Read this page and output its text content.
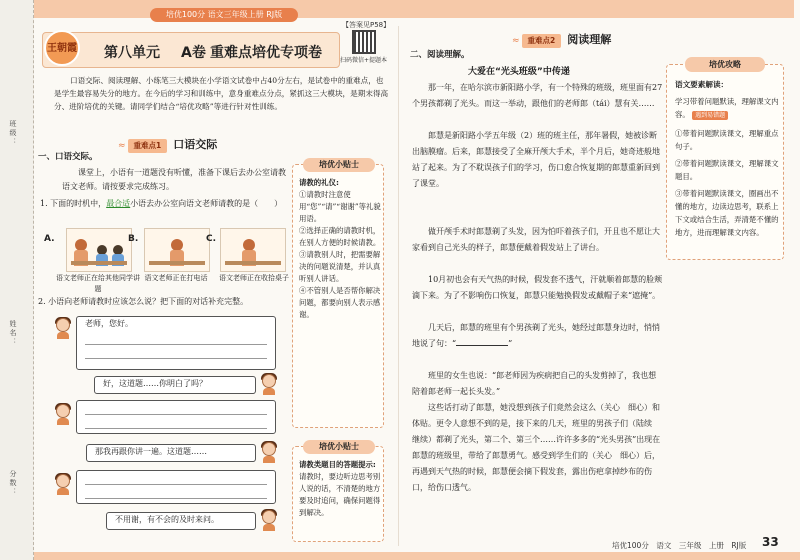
培优100分 语文三年级上册 RJ版
班级：
姓名：
分数：
王朝霞 第八单元 A卷 重难点培优专项卷
【答案见P58】
扫码微信+提题本
口语交际、阅读理解、小练笔三大模块在小学语文试卷中占40分左右，是试卷中的重难点，也是学生最容易失分的地方。在今后的学习和训练中，意身重难点分点，紧抓这三大模块，是期末得高分、进阶培优的关键。请同学们结合“培优攻略”等进行针对性训练。
≈ 重难点1 口语交际
一、口语交际。
课堂上，小语有一道题没有听懂，准备下课后去办公室请教语文老师。请按要求完成练习。
1. 下面的时机中，最合适小语去办公室向语文老师请教的是（　　）
A.
语文老师正在给其他同学讲题
B.
语文老师正在打电话
C.
语文老师正在收拾桌子
2. 小语向老师请教时应该怎么说？把下面的对话补充完整。
老师，您好。
好，这道题……你明白了吗？
那我再跟你讲一遍。这道题……
不用谢，有不会的及时来问。
培优小贴士
请教的礼仪:
①请教时注意使用“您”“请”“谢谢”等礼貌用语。
②选择正确的请教时机，在别人方便的时候请教。
③请教别人时，把需要解决的问题说清楚，并认真听别人讲话。
④不管别人是否帮你解决问题，都要向别人表示感谢。
培优小贴士
请教类题目的答题提示:
请教时，要边听边思考别人说的话，不清楚的地方要及时追问，确保问题得到解决。
≈ 重难点2 阅读理解
二、阅读理解。
大爱在“光头班级”中传递
那一年，在哈尔滨市新阳路小学，有一个特殊的班级，班里面有27个男孩都剃了光头。而这一举动，跟他们的老师郎（tái）慧有关……
郎慧是新阳路小学五年级（2）班的班主任，那年暑假，她被诊断出脑膜瘤。后来，郎慧接受了全麻开颅大手术，半个月后，她奇迹般地站了起来。为了不耽误孩子们的学习，伤口愈合恢复期的郎慧重新回到了课堂。
做开颅手术时郎慧剃了头发，因为怕吓着孩子们，开且也不愿让大家看到自己光头的样子，郎慧便戴着假发站上了讲台。
10月初也会有天气热的时候，假发套不透气，汗就顺着郎慧的脸颊滴下来。为了不影响伤口恢复，郎慧只能勉换假发或戴帽子来“遮掩”。
几天后，郎慧的班里有个男孩剃了光头，她经过郎慧身边时，悄悄地说了句：“	”
班里的女生也说：“郎老师因为疾病把自己的头发剪掉了，我也想陪着郎老师一起长头发。”
这些话打动了郎慧，她没想到孩子们竟然会这么（关心　细心）和体贴。更令人意想不到的是，接下来的几天，班里的男孩子们（陆续　继续）都剃了光头，第二个、第三个……许许多多的“光头男孩”出现在郎慧的班级里，带给了郎慧勇气。感受到学生们的（关心　细心）后，再遇到天气热的时候，郎慧便会摘下假发套，露出伤疤拿掉纱布的伤口，给伤口透气。
培优攻略
语文要素解读：
学习带着问题默读，理解课文内容。 遇到易错题
①带着问题默读课文，理解重点句子。
②带着问题默读课文，理解课文题目。
③带着问题默读课文，圈画出不懂的地方，边读边思考，联系上下文或结合生活，弄清楚不懂的地方，进而理解课文内容。
培优100分　语文　三年级　上册　RJ版 33
